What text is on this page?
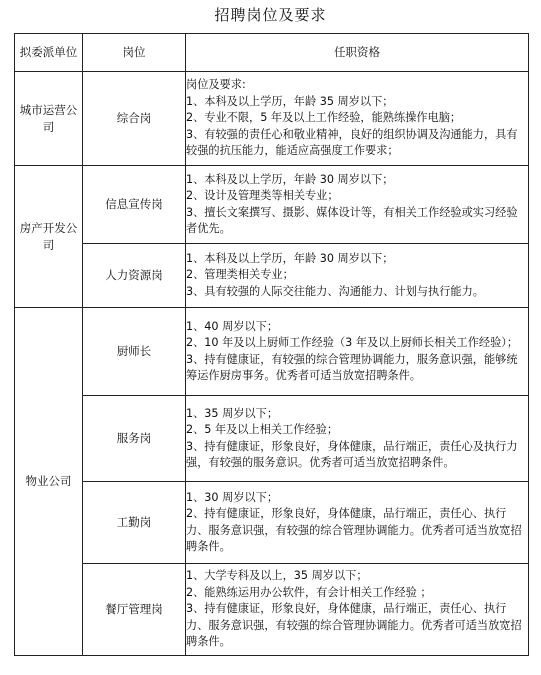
招聘岗位及要求
拟委派单位	岗位	任职资格
城市运营公司	综合岗	岗位及要求:
1、本科及以上学历，年龄 35 周岁以下；
2、专业不限，5 年及以上工作经验，能熟练操作电脑；
3、有较强的责任心和敬业精神，良好的组织协调及沟通能力，具有较强的抗压能力，能适应高强度工作要求；

房产开发公司	信息宣传岗	1、本科及以上学历，年龄 30 周岁以下；
2、设计及管理类等相关专业；
3、擅长文案撰写、摄影、媒体设计等，有相关工作经验或实习经验者优先。

	人力资源岗	1、本科及以上学历，年龄 30 周岁以下；
2、管理类相关专业；
3、具有较强的人际交往能力、沟通能力、计划与执行能力。

物业公司	厨师长	1、40 周岁以下；
2、10 年及以上厨师工作经验（3 年及以上厨师长相关工作经验）；
3、持有健康证，有较强的综合管理协调能力，服务意识强，能够统筹运作厨房事务。优秀者可适当放宽招聘条件。

	服务岗	1、35 周岁以下；
2、5 年及以上相关工作经验；
3、持有健康证，形象良好，身体健康，品行端正，责任心及执行力强，有较强的服务意识。优秀者可适当放宽招聘条件。

	工勤岗	1、30 周岁以下；
2、持有健康证，形象良好，身体健康，品行端正，责任心、执行力、服务意识强，有较强的综合管理协调能力。优秀者可适当放宽招聘条件。

	餐厅管理岗	1、大学专科及以上，35 周岁以下；
2、能熟练运用办公软件，有会计相关工作经验 ；
3、持有健康证，形象良好，身体健康，品行端正，责任心、执行力、服务意识强，有较强的综合管理协调能力。优秀者可适当放宽招聘条件。
